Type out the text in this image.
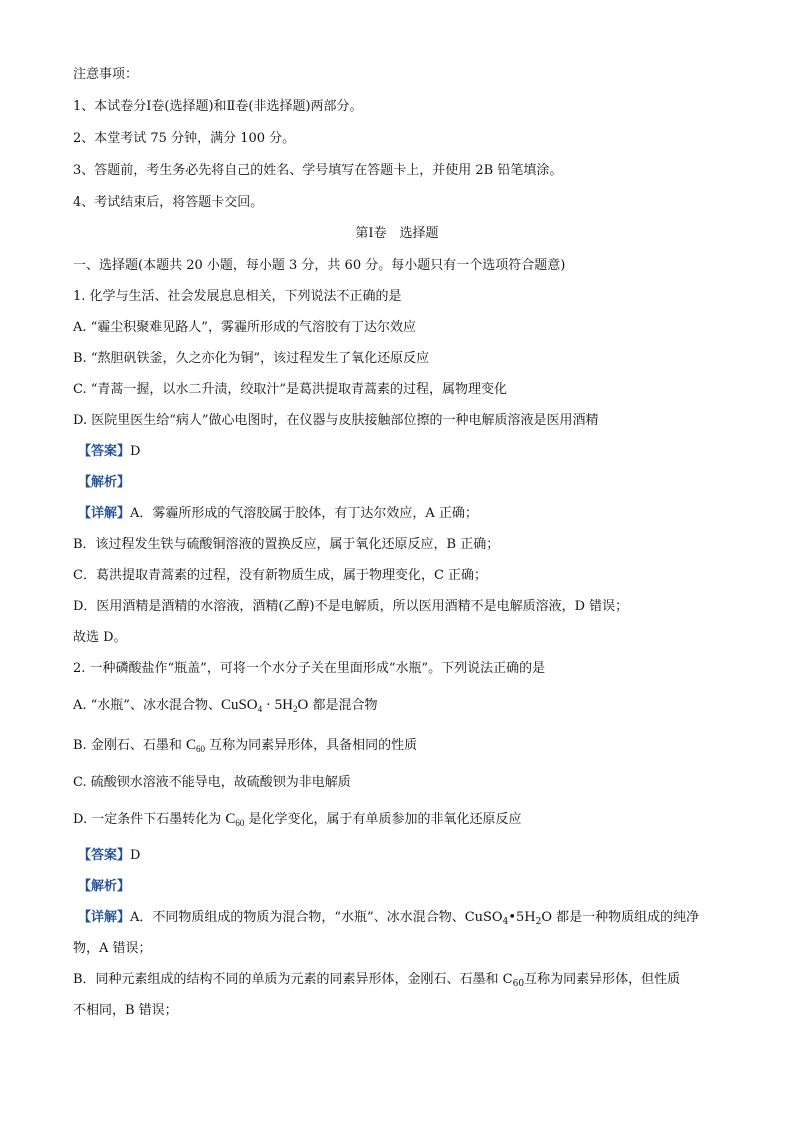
注意事项：
1、本试卷分Ⅰ卷(选择题)和Ⅱ卷(非选择题)两部分。
2、本堂考试 75 分钟，满分 100 分。
3、答题前，考生务必先将自己的姓名、学号填写在答题卡上，并使用 2B 铅笔填涂。
4、考试结束后，将答题卡交回。
第Ⅰ卷　选择题
一、选择题(本题共 20 小题，每小题 3 分，共 60 分。每小题只有一个选项符合题意)
1. 化学与生活、社会发展息息相关，下列说法不正确的是
A. “霾尘积聚难见路人”，雾霾所形成的气溶胶有丁达尔效应
B. “熬胆矾铁釜，久之亦化为铜”，该过程发生了氧化还原反应
C. “青蒿一握，以水二升渍，绞取汁”是葛洪提取青蒿素的过程，属物理变化
D. 医院里医生给“病人”做心电图时，在仪器与皮肤接触部位擦的一种电解质溶液是医用酒精
【答案】D
【解析】
【详解】A．雾霾所形成的气溶胶属于胶体，有丁达尔效应，A 正确；
B．该过程发生铁与硫酸铜溶液的置换反应，属于氧化还原反应，B 正确；
C．葛洪提取青蒿素的过程，没有新物质生成，属于物理变化，C 正确；
D．医用酒精是酒精的水溶液，酒精(乙醇)不是电解质，所以医用酒精不是电解质溶液，D 错误；
故选 D。
2. 一种磷酸盐作“瓶盖”，可将一个水分子关在里面形成“水瓶”。下列说法正确的是
A. “水瓶”、冰水混合物、CuSO$_4$ · $5H_2O$ 都是混合物
B. 金刚石、石墨和 $C_{60}$ 互称为同素异形体，具备相同的性质
C. 硫酸钡水溶液不能导电，故硫酸钡为非电解质
D. 一定条件下石墨转化为 $C_{60}$ 是化学变化，属于有单质参加的非氧化还原反应
【答案】D
【解析】
【详解】A．不同物质组成的物质为混合物，“水瓶”、冰水混合物、$CuSO_4•5H_2O$ 都是一种物质组成的纯净
物，A 错误；
B．同种元素组成的结构不同的单质为元素的同素异形体，金刚石、石墨和 $C_{60}$互称为同素异形体，但性质
不相同，B 错误；
